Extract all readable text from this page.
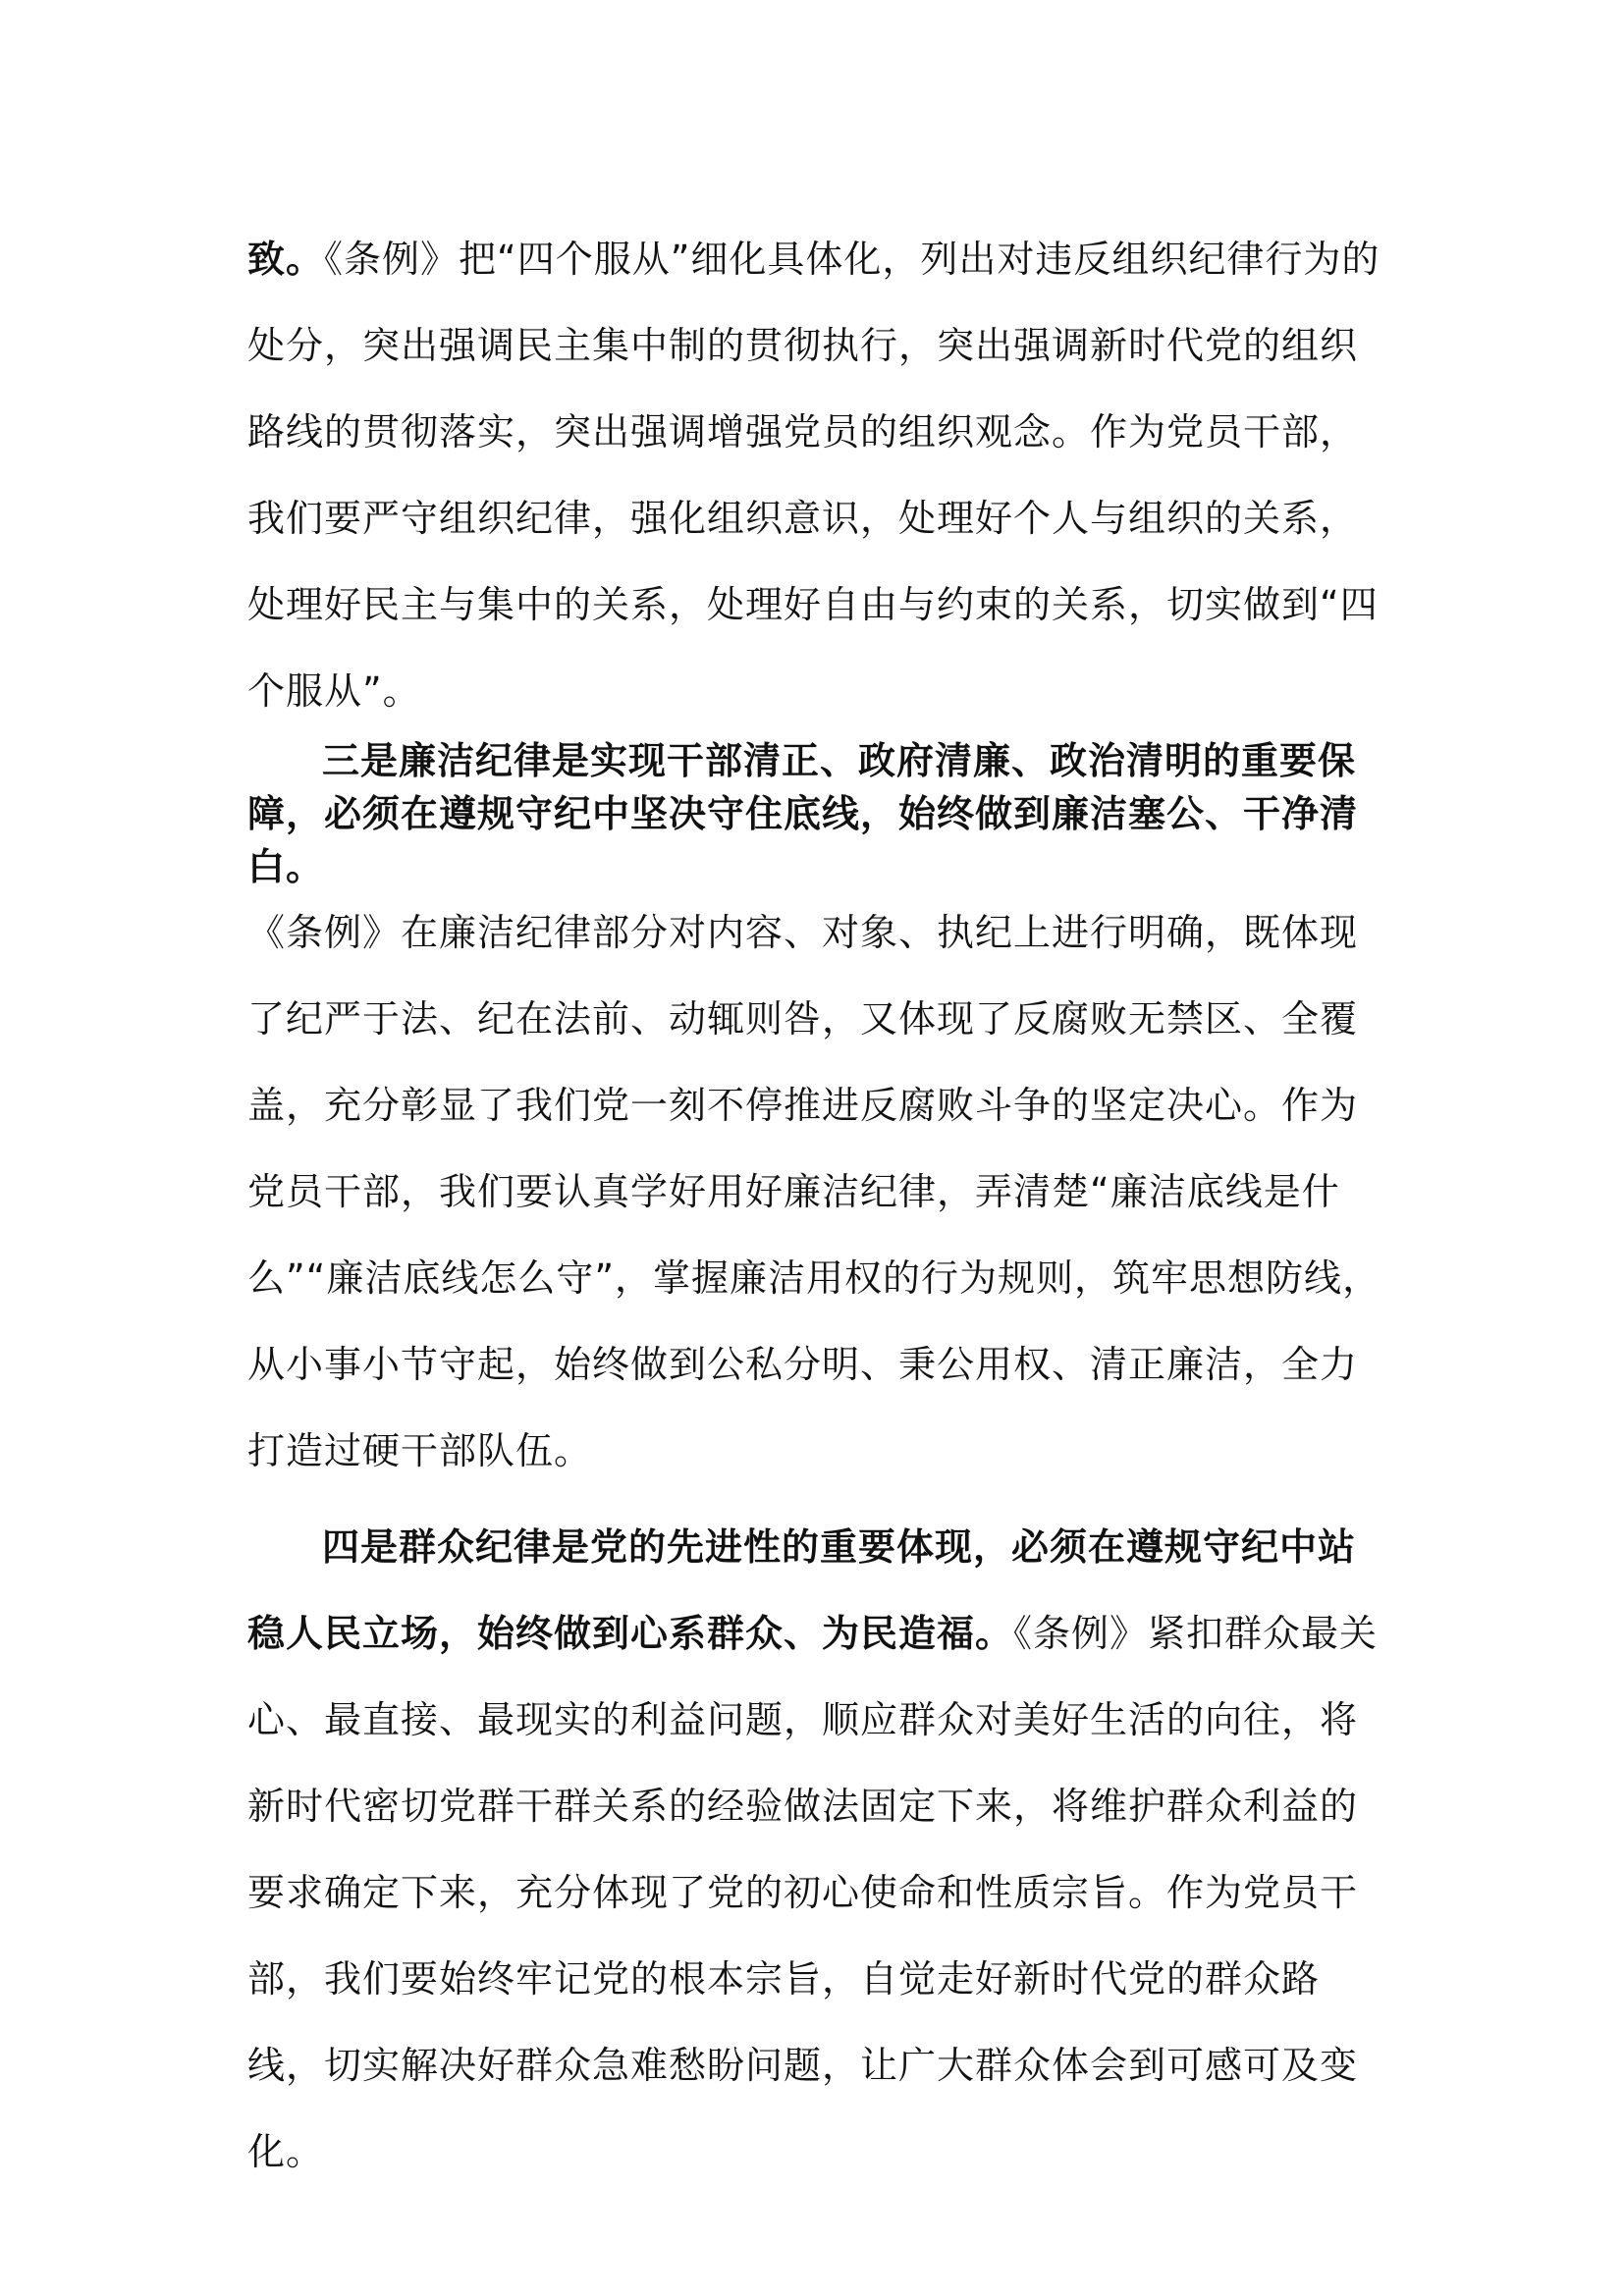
致。《条例》把“四个服从”细化具体化，列出对违反组织纪律行为的处分，突出强调民主集中制的贯彻执行，突出强调新时代党的组织路线的贯彻落实，突出强调增强党员的组织观念。作为党员干部，我们要严守组织纪律，强化组织意识，处理好个人与组织的关系，处理好民主与集中的关系，处理好自由与约束的关系，切实做到“四个服从”。

三是廉洁纪律是实现干部清正、政府清廉、政治清明的重要保障，必须在遵规守纪中坚决守住底线，始终做到廉洁塞公、干净清白。
《条例》在廉洁纪律部分对内容、对象、执纪上进行明确，既体现了纪严于法、纪在法前、动辄则咎，又体现了反腐败无禁区、全覆盖，充分彰显了我们党一刻不停推进反腐败斗争的坚定决心。作为党员干部，我们要认真学好用好廉洁纪律，弄清楚“廉洁底线是什么”“廉洁底线怎么守”，掌握廉洁用权的行为规则，筑牢思想防线，从小事小节守起，始终做到公私分明、秉公用权、清正廉洁，全力打造过硬干部队伍。

四是群众纪律是党的先进性的重要体现，必须在遵规守纪中站稳人民立场，始终做到心系群众、为民造福。《条例》紧扣群众最关心、最直接、最现实的利益问题，顺应群众对美好生活的向往，将新时代密切党群干群关系的经验做法固定下来，将维护群众利益的要求确定下来，充分体现了党的初心使命和性质宗旨。作为党员干部，我们要始终牢记党的根本宗旨，自觉走好新时代党的群众路线，切实解决好群众急难愁盼问题，让广大群众体会到可感可及变化。
